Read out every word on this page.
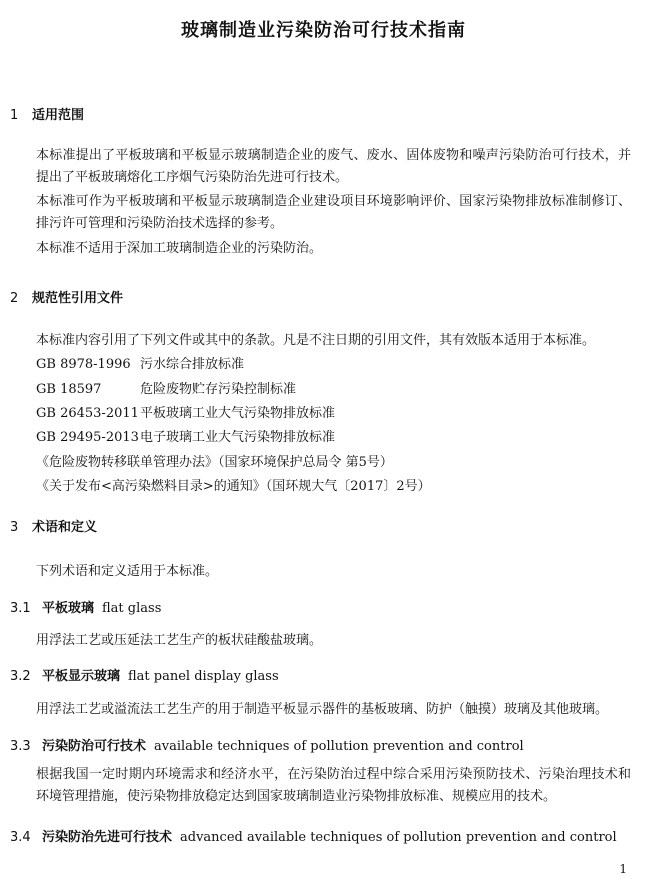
玻璃制造业污染防治可行技术指南
1 适用范围
本标准提出了平板玻璃和平板显示玻璃制造企业的废气、废水、固体废物和噪声污染防治可行技术，并提出了平板玻璃熔化工序烟气污染防治先进可行技术。
本标准可作为平板玻璃和平板显示玻璃制造企业建设项目环境影响评价、国家污染物排放标准制修订、排污许可管理和污染防治技术选择的参考。
本标准不适用于深加工玻璃制造企业的污染防治。
2 规范性引用文件
本标准内容引用了下列文件或其中的条款。凡是不注日期的引用文件，其有效版本适用于本标准。
GB 8978-1996 污水综合排放标准
GB 18597	危险废物贮存污染控制标准
GB 26453-2011平板玻璃工业大气污染物排放标准
GB 29495-2013电子玻璃工业大气污染物排放标准
《危险废物转移联单管理办法》（国家环境保护总局令 第5号）
《关于发布<高污染燃料目录>的通知》（国环规大气〔2017〕2号）
3 术语和定义
下列术语和定义适用于本标准。
3.1 平板玻璃 flat glass
用浮法工艺或压延法工艺生产的板状硅酸盐玻璃。
3.2 平板显示玻璃 flat panel display glass
用浮法工艺或溢流法工艺生产的用于制造平板显示器件的基板玻璃、防护（触摸）玻璃及其他玻璃。
3.3 污染防治可行技术 available techniques of pollution prevention and control
根据我国一定时期内环境需求和经济水平，在污染防治过程中综合采用污染预防技术、污染治理技术和环境管理措施，使污染物排放稳定达到国家玻璃制造业污染物排放标准、规模应用的技术。
3.4 污染防治先进可行技术 advanced available techniques of pollution prevention and control
1
